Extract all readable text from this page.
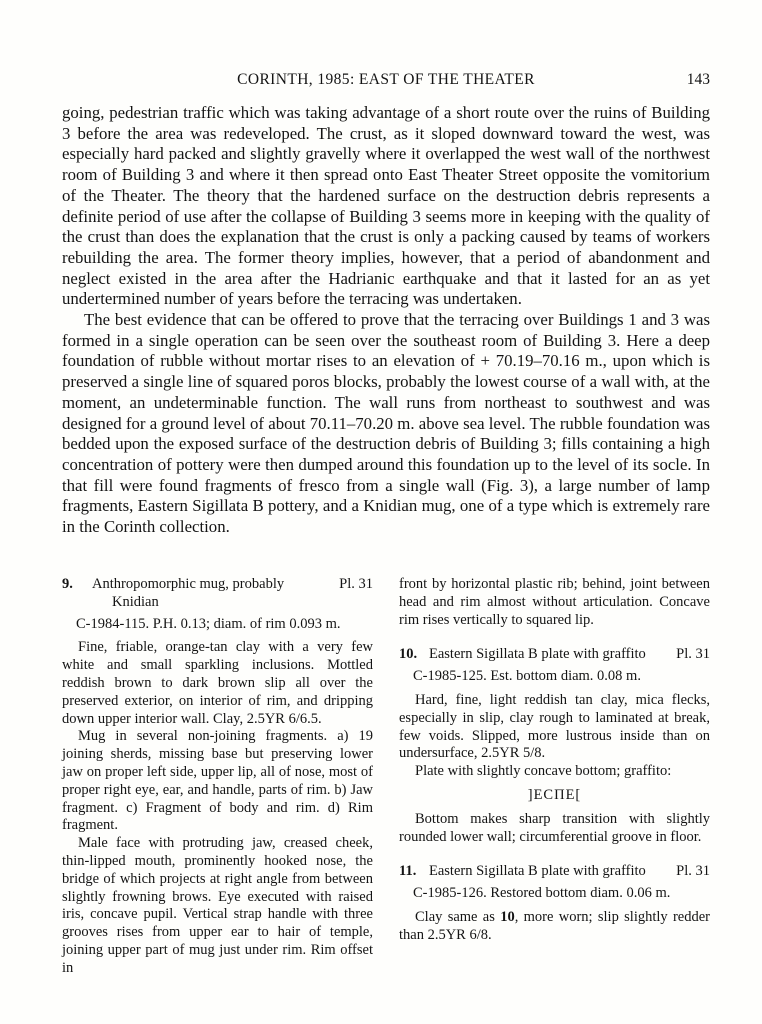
CORINTH, 1985: EAST OF THE THEATER	143

going, pedestrian traffic which was taking advantage of a short route over the ruins of Building 3 before the area was redeveloped. The crust, as it sloped downward toward the west, was especially hard packed and slightly gravelly where it overlapped the west wall of the northwest room of Building 3 and where it then spread onto East Theater Street opposite the vomitorium of the Theater. The theory that the hardened surface on the destruction debris represents a definite period of use after the collapse of Building 3 seems more in keeping with the quality of the crust than does the explanation that the crust is only a packing caused by teams of workers rebuilding the area. The former theory implies, however, that a period of abandonment and neglect existed in the area after the Hadrianic earthquake and that it lasted for an as yet undertermined number of years before the terracing was undertaken.

The best evidence that can be offered to prove that the terracing over Buildings 1 and 3 was formed in a single operation can be seen over the southeast room of Building 3. Here a deep foundation of rubble without mortar rises to an elevation of + 70.19–70.16 m., upon which is preserved a single line of squared poros blocks, probably the lowest course of a wall with, at the moment, an undeterminable function. The wall runs from northeast to southwest and was designed for a ground level of about 70.11–70.20 m. above sea level. The rubble foundation was bedded upon the exposed surface of the destruction debris of Building 3; fills containing a high concentration of pottery were then dumped around this foundation up to the level of its socle. In that fill were found fragments of fresco from a single wall (Fig. 3), a large number of lamp fragments, Eastern Sigillata B pottery, and a Knidian mug, one of a type which is extremely rare in the Corinth collection.

9.	Anthropomorphic mug, probably
Knidian
Pl. 31
C-1984-115. P.H. 0.13; diam. of rim 0.093 m.

Fine, friable, orange-tan clay with a very few white and small sparkling inclusions. Mottled reddish brown to dark brown slip all over the preserved exterior, on interior of rim, and dripping down upper interior wall. Clay, 2.5YR 6/6.5.

Mug in several non-joining fragments. a) 19 joining sherds, missing base but preserving lower jaw on proper left side, upper lip, all of nose, most of proper right eye, ear, and handle, parts of rim. b) Jaw fragment. c) Fragment of body and rim. d) Rim fragment.

Male face with protruding jaw, creased cheek, thin-lipped mouth, prominently hooked nose, the bridge of which projects at right angle from between slightly frowning brows. Eye executed with raised iris, concave pupil. Vertical strap handle with three grooves rises from upper ear to hair of temple, joining upper part of mug just under rim. Rim offset in

front by horizontal plastic rib; behind, joint between head and rim almost without articulation. Concave rim rises vertically to squared lip.

10. Eastern Sigillata B plate with graffito	Pl. 31
C-1985-125. Est. bottom diam. 0.08 m.

Hard, fine, light reddish tan clay, mica flecks, especially in slip, clay rough to laminated at break, few voids. Slipped, more lustrous inside than on undersurface, 2.5YR 5/8.

Plate with slightly concave bottom; graffito:

]ΕCΠΕ[

Bottom makes sharp transition with slightly rounded lower wall; circumferential groove in floor.

11. Eastern Sigillata B plate with graffito	Pl. 31
C-1985-126. Restored bottom diam. 0.06 m.

Clay same as 10, more worn; slip slightly redder than 2.5YR 6/8.
